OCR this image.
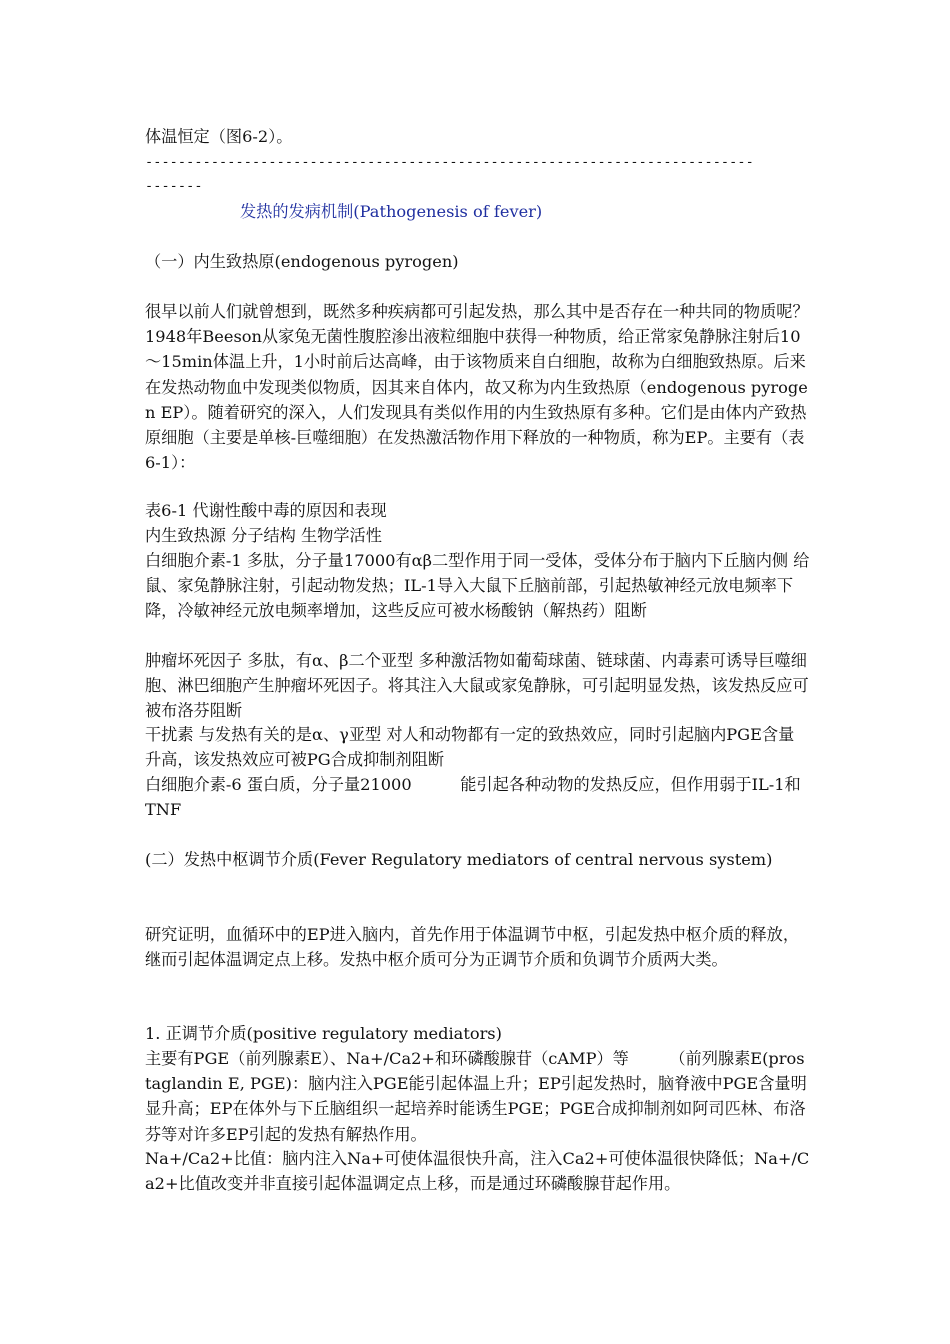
体温恒定（图6-2）。

--------------------------------------------------------------------------

-------

发热的发病机制(Pathogenesis of fever)

（一）内生致热原(endogenous pyrogen)

很早以前人们就曾想到，既然多种疾病都可引起发热，那么其中是否存在一种共同的物质呢？1948年Beeson从家兔无菌性腹腔渗出液粒细胞中获得一种物质，给正常家兔静脉注射后10～15min体温上升，1小时前后达高峰，由于该物质来自白细胞，故称为白细胞致热原。后来在发热动物血中发现类似物质，因其来自体内，故又称为内生致热原（endogenous pyrogen EP）。随着研究的深入，人们发现具有类似作用的内生致热原有多种。它们是由体内产致热原细胞（主要是单核-巨噬细胞）在发热激活物作用下释放的一种物质，称为EP。主要有（表6-1）：

表6-1 代谢性酸中毒的原因和表现

内生致热源 分子结构 生物学活性

白细胞介素-1 多肽，分子量17000有αβ二型作用于同一受体，受体分布于脑内下丘脑内侧 给鼠、家兔静脉注射，引起动物发热；IL-1导入大鼠下丘脑前部，引起热敏神经元放电频率下降，冷敏神经元放电频率增加，这些反应可被水杨酸钠（解热药）阻断

肿瘤坏死因子 多肽，有α、β二个亚型 多种激活物如葡萄球菌、链球菌、内毒素可诱导巨噬细胞、淋巴细胞产生肿瘤坏死因子。将其注入大鼠或家兔静脉，可引起明显发热，该发热反应可被布洛芬阻断

干扰素 与发热有关的是α、γ亚型 对人和动物都有一定的致热效应，同时引起脑内PGE含量升高，该发热效应可被PG合成抑制剂阻断

白细胞介素-6 蛋白质，分子量21000　　　能引起各种动物的发热反应，但作用弱于IL-1和TNF

(二）发热中枢调节介质(Fever Regulatory mediators of central nervous system)

研究证明，血循环中的EP进入脑内，首先作用于体温调节中枢，引起发热中枢介质的释放，继而引起体温调定点上移。发热中枢介质可分为正调节介质和负调节介质两大类。

1. 正调节介质(positive regulatory mediators)

主要有PGE（前列腺素E）、Na+/Ca2+和环磷酸腺苷（cAMP）等　　　（前列腺素E(prostaglandin E, PGE)：脑内注入PGE能引起体温上升；EP引起发热时，脑脊液中PGE含量明显升高；EP在体外与下丘脑组织一起培养时能诱生PGE；PGE合成抑制剂如阿司匹林、布洛芬等对许多EP引起的发热有解热作用。

Na+/Ca2+比值：脑内注入Na+可使体温很快升高，注入Ca2+可使体温很快降低；Na+/Ca2+比值改变并非直接引起体温调定点上移，而是通过环磷酸腺苷起作用。
